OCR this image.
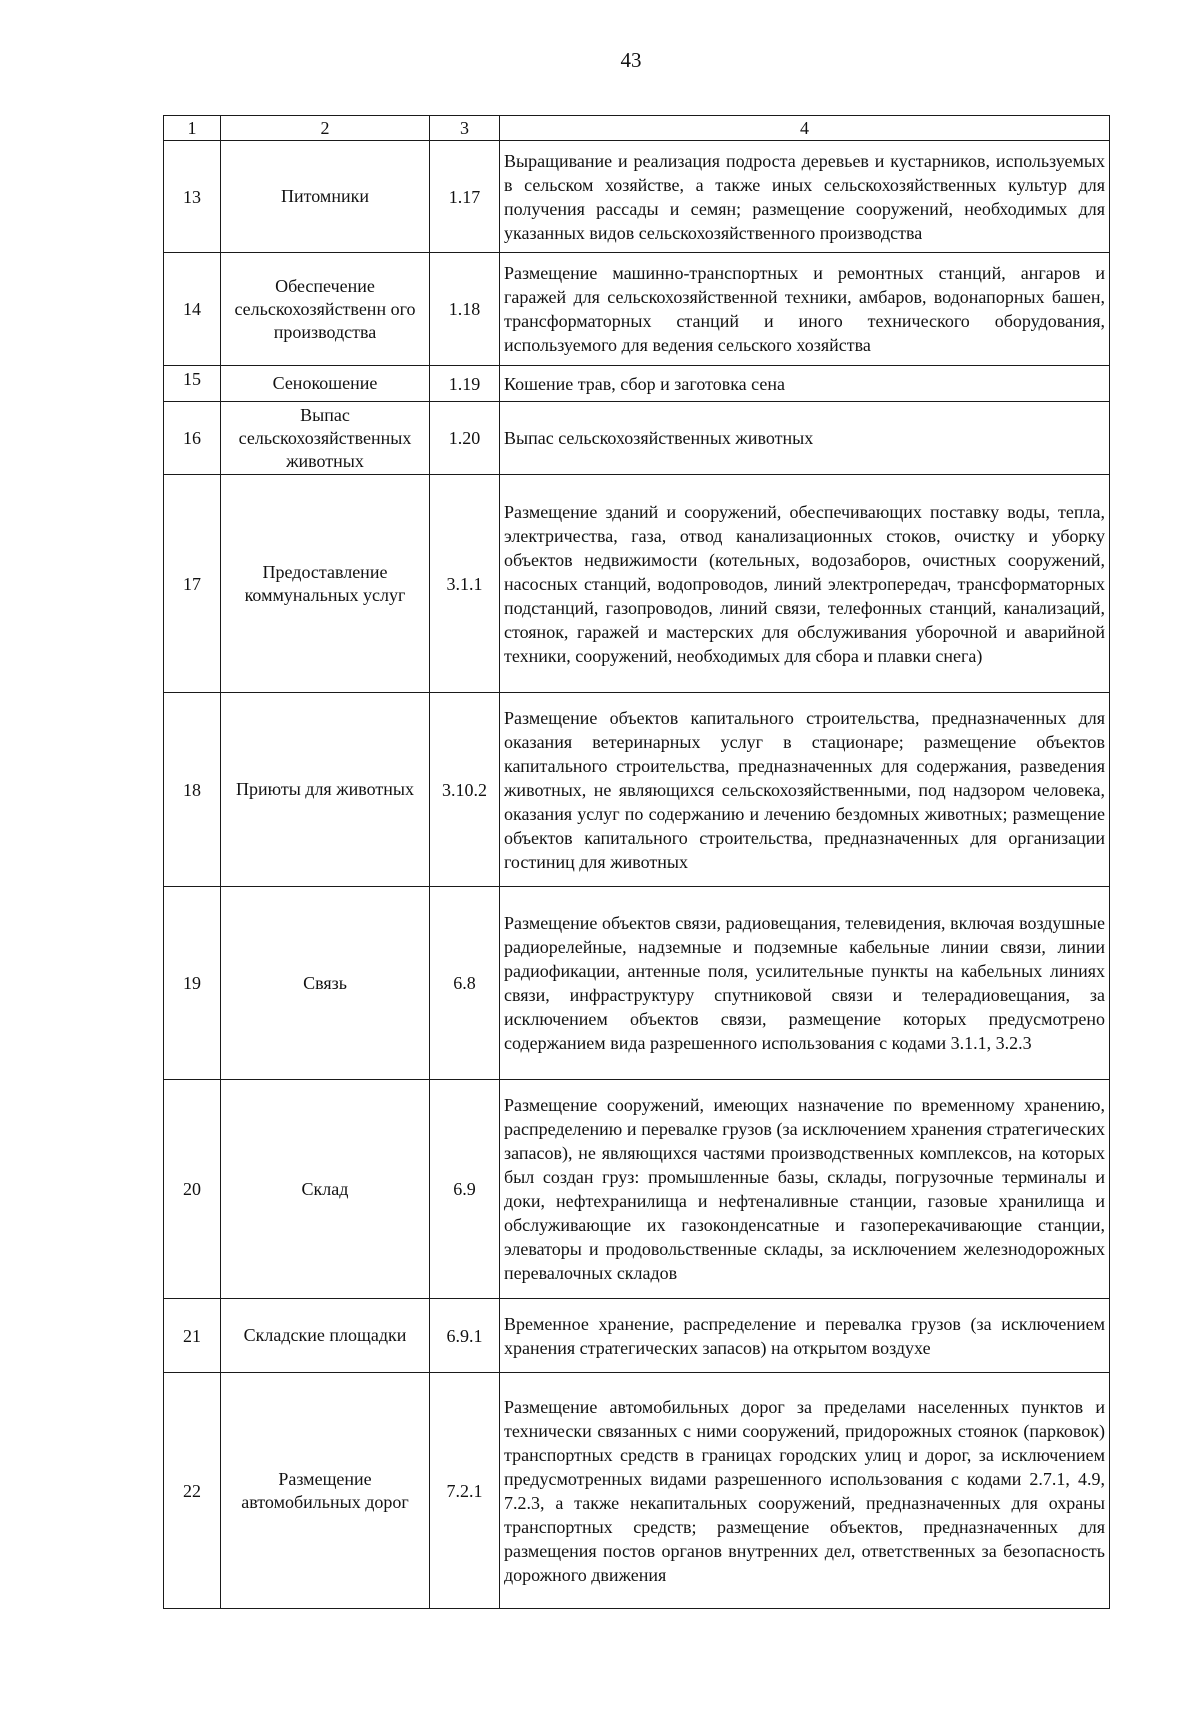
43
1	2	3	4
13	Питомники	1.17	Выращивание и реализация подроста деревьев и кустарников, используемых в сельском хозяйстве, а также иных сельскохозяйственных культур для получения рассады и семян; размещение сооружений, необходимых для указанных видов сельскохозяйственного производства
14	Обеспечение сельскохозяйственн ого производства	1.18	Размещение машинно-транспортных и ремонтных станций, ангаров и гаражей для сельскохозяйственной техники, амбаров, водонапорных башен, трансформаторных станций и иного технического оборудования, используемого для ведения сельского хозяйства
15	Сенокошение	1.19	Кошение трав, сбор и заготовка сена
16	Выпас сельскохозяйственных животных	1.20	Выпас сельскохозяйственных животных
17	Предоставление коммунальных услуг	3.1.1	Размещение зданий и сооружений, обеспечивающих поставку воды, тепла, электричества, газа, отвод канализационных стоков, очистку и уборку объектов недвижимости (котельных, водозаборов, очистных сооружений, насосных станций, водопроводов, линий электропередач, трансформаторных подстанций, газопроводов, линий связи, телефонных станций, канализаций, стоянок, гаражей и мастерских для обслуживания уборочной и аварийной техники, сооружений, необходимых для сбора и плавки снега)
18	Приюты для животных	3.10.2	Размещение объектов капитального строительства, предназначенных для оказания ветеринарных услуг в стационаре; размещение объектов капитального строительства, предназначенных для содержания, разведения животных, не являющихся сельскохозяйственными, под надзором человека, оказания услуг по содержанию и лечению бездомных животных; размещение объектов капитального строительства, предназначенных для организации гостиниц для животных
19	Связь	6.8	Размещение объектов связи, радиовещания, телевидения, включая воздушные радиорелейные, надземные и подземные кабельные линии связи, линии радиофикации, антенные поля, усилительные пункты на кабельных линиях связи, инфраструктуру спутниковой связи и телерадиовещания, за исключением объектов связи, размещение которых предусмотрено содержанием вида разрешенного использования с кодами 3.1.1, 3.2.3
20	Склад	6.9	Размещение сооружений, имеющих назначение по временному хранению, распределению и перевалке грузов (за исключением хранения стратегических запасов), не являющихся частями производственных комплексов, на которых был создан груз: промышленные базы, склады, погрузочные терминалы и доки, нефтехранилища и нефтеналивные станции, газовые хранилища и обслуживающие их газоконденсатные и газоперекачивающие станции, элеваторы и продовольственные склады, за исключением железнодорожных перевалочных складов
21	Складские площадки	6.9.1	Временное хранение, распределение и перевалка грузов (за исключением хранения стратегических запасов) на открытом воздухе
22	Размещение автомобильных дорог	7.2.1	Размещение автомобильных дорог за пределами населенных пунктов и технически связанных с ними сооружений, придорожных стоянок (парковок) транспортных средств в границах городских улиц и дорог, за исключением предусмотренных видами разрешенного использования с кодами 2.7.1, 4.9, 7.2.3, а также некапитальных сооружений, предназначенных для охраны транспортных средств; размещение объектов, предназначенных для размещения постов органов внутренних дел, ответственных за безопасность дорожного движения
